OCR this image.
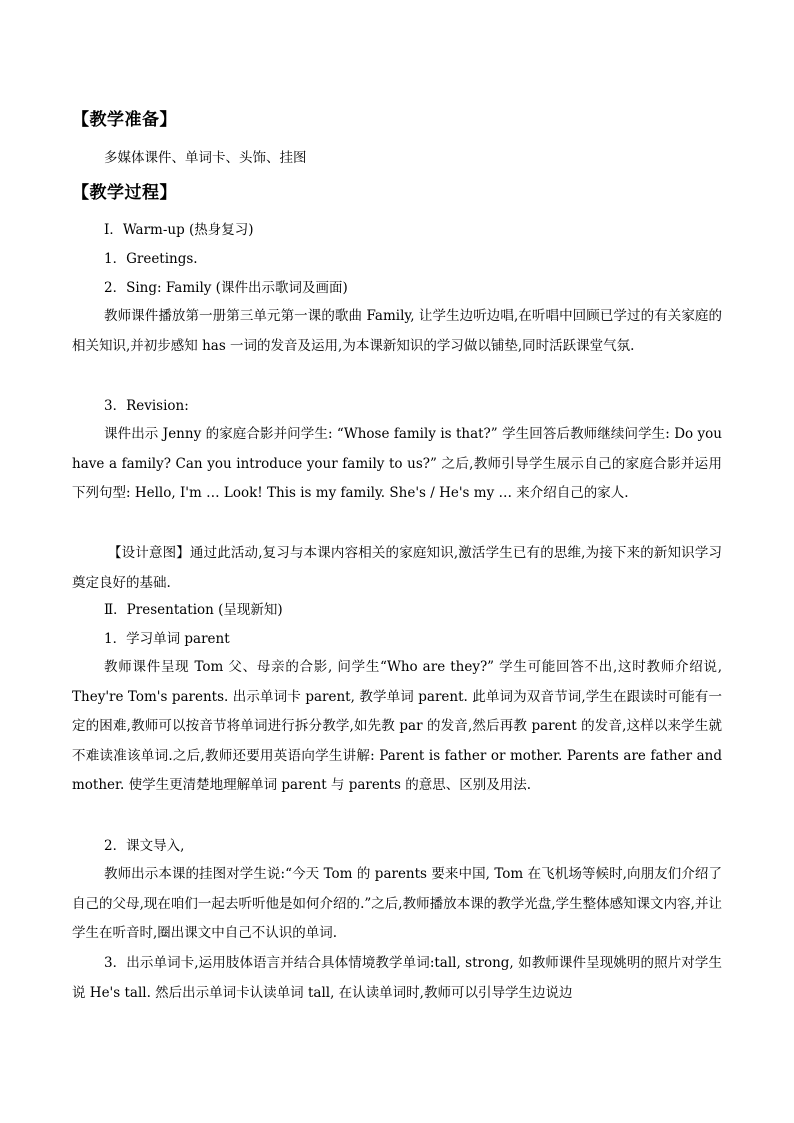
【教学准备】
多媒体课件、单词卡、头饰、挂图
【教学过程】
Ⅰ．Warm-up (热身复习)
1．Greetings.
2．Sing: Family (课件出示歌词及画面)

教师课件播放第一册第三单元第一课的歌曲 Family, 让学生边听边唱,在听唱中回顾已学过的有关家庭的相关知识,并初步感知 has 一词的发音及运用,为本课新知识的学习做以铺垫,同时活跃课堂气氛.

3．Revision:

课件出示 Jenny 的家庭合影并问学生: “Whose family is that?” 学生回答后教师继续问学生: Do you have a family? Can you introduce your family to us?” 之后,教师引导学生展示自己的家庭合影并运用下列句型: Hello, I'm … Look! This is my family. She's / He's my … 来介绍自己的家人.

【设计意图】通过此活动,复习与本课内容相关的家庭知识,激活学生已有的思维,为接下来的新知识学习奠定良好的基础.

Ⅱ．Presentation (呈现新知)
1．学习单词 parent

教师课件呈现 Tom 父、母亲的合影, 问学生“Who are they?” 学生可能回答不出,这时教师介绍说, They're Tom's parents. 出示单词卡 parent, 教学单词 parent. 此单词为双音节词,学生在跟读时可能有一定的困难,教师可以按音节将单词进行拆分教学,如先教 par 的发音,然后再教 parent 的发音,这样以来学生就不难读准该单词.之后,教师还要用英语向学生讲解: Parent is father or mother. Parents are father and mother. 使学生更清楚地理解单词 parent 与 parents 的意思、区别及用法.

2．课文导入,

教师出示本课的挂图对学生说:“今天 Tom 的 parents 要来中国, Tom 在飞机场等候时,向朋友们介绍了自己的父母,现在咱们一起去听听他是如何介绍的.”之后,教师播放本课的教学光盘,学生整体感知课文内容,并让学生在听音时,圈出课文中自己不认识的单词.

3．出示单词卡,运用肢体语言并结合具体情境教学单词:tall, strong, 如教师课件呈现姚明的照片对学生说 He's tall. 然后出示单词卡认读单词 tall, 在认读单词时,教师可以引导学生边说边
